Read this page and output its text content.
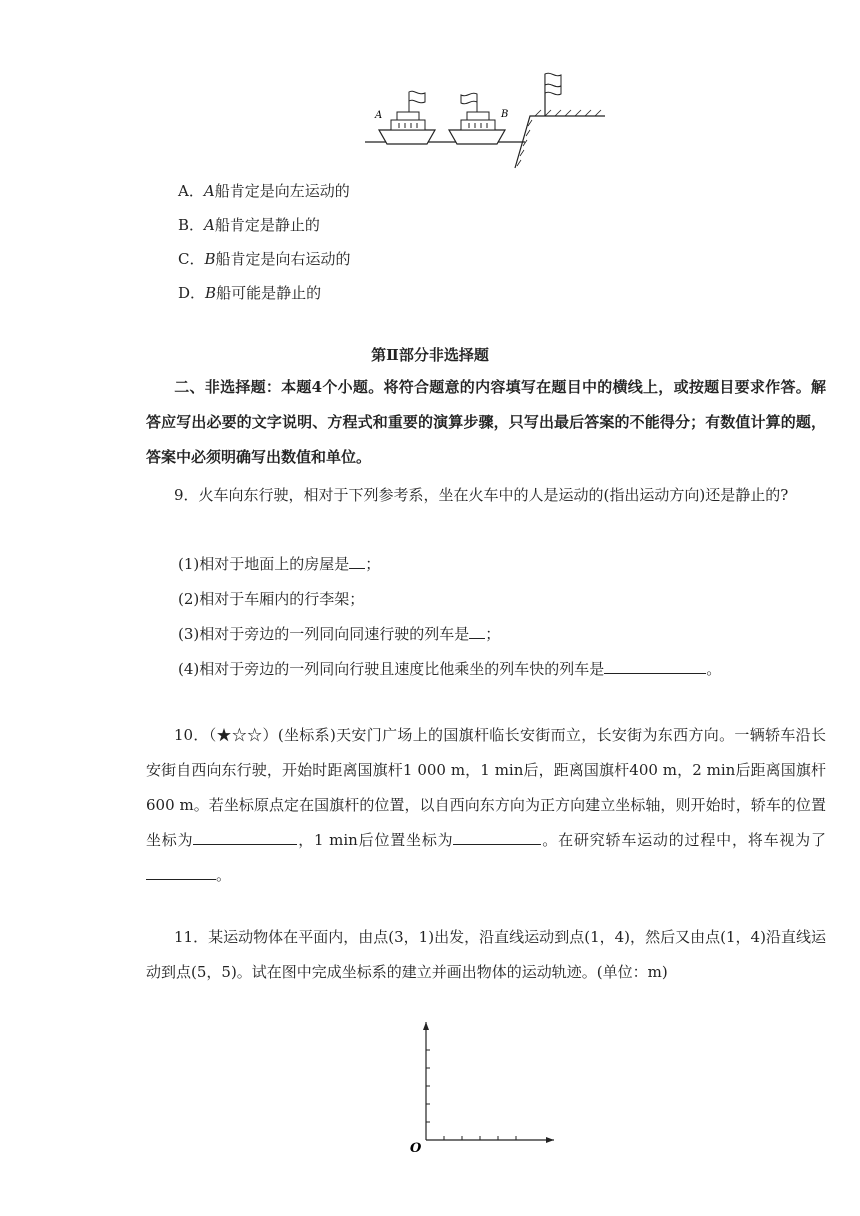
A	B
A．A船肯定是向左运动的
B．A船肯定是静止的
C．B船肯定是向右运动的
D．B船可能是静止的
第Ⅱ部分非选择题
二、非选择题：本题4个小题。将符合题意的内容填写在题目中的横线上，或按题目要求作答。解答应写出必要的文字说明、方程式和重要的演算步骤，只写出最后答案的不能得分；有数值计算的题，答案中必须明确写出数值和单位。
9．火车向东行驶，相对于下列参考系，坐在火车中的人是运动的(指出运动方向)还是静止的?
(1)相对于地面上的房屋是 ；
(2)相对于车厢内的行李架；
(3)相对于旁边的一列同向同速行驶的列车是 ；
(4)相对于旁边的一列同向行驶且速度比他乘坐的列车快的列车是	。
10．（★☆☆）(坐标系)天安门广场上的国旗杆临长安街而立，长安街为东西方向。一辆轿车沿长安街自西向东行驶，开始时距离国旗杆1 000 m，1 min后，距离国旗杆400 m，2 min后距离国旗杆600 m。若坐标原点定在国旗杆的位置，以自西向东方向为正方向建立坐标轴，则开始时，轿车的位置坐标为	，1 min后位置坐标为	。在研究轿车运动的过程中，将车视为了。
11．某运动物体在平面内，由点(3，1)出发，沿直线运动到点(1，4)，然后又由点(1，4)沿直线运动到点(5，5)。试在图中完成坐标系的建立并画出物体的运动轨迹。(单位：m)
O
